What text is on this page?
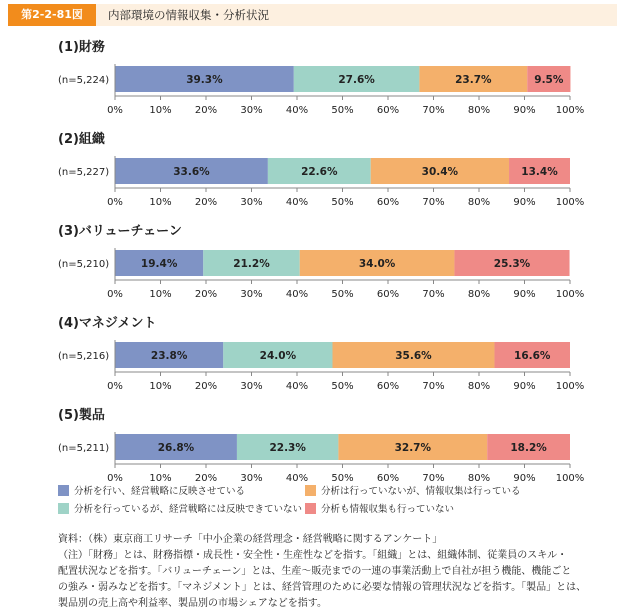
第2-2-81図	内部環境の情報収集・分析状況
(1)財務
(n=5,224)	39.3%	27.6%	23.7%	9.5%
0%	10% 20% 30% 40% 50% 60% 70% 80% 90% 100%
(2)組織
(n=5,227)	33.6%	22.6%	30.4%	13.4%
0%	10% 20% 30% 40% 50% 60% 70% 80% 90% 100%
(3)バリューチェーン
(n=5,210)	19.4%	21.2%	34.0%	25.3%
0%	10% 20% 30% 40% 50% 60% 70% 80% 90% 100%
(4)マネジメント
(n=5,216)	23.8%	24.0%	35.6%	16.6%
0%	10% 20% 30% 40% 50% 60% 70% 80% 90% 100%
(5)製品
(n=5,211)	26.8%	22.3%	32.7%	18.2%
0%	10% 20% 30% 40% 50% 60% 70% 80% 90% 100%
分析を行い、経営戦略に反映させている
分析を行っているが、経営戦略には反映できていない
分析は行っていないが、情報収集は行っている
分析も情報収集も行っていない

資料：（株）東京商工リサーチ「中小企業の経営理念・経営戦略に関するアンケート」

（注）「財務」とは、財務指標・成長性・安全性・生産性などを指す。「組織」とは、組織体制、従業員のスキル・

配置状況などを指す。「バリューチェーン」とは、生産〜販売までの一連の事業活動上で自社が担う機能、機能ごと

の強み・弱みなどを指す。「マネジメント」とは、経営管理のために必要な情報の管理状況などを指す。「製品」とは、

製品別の売上高や利益率、製品別の市場シェアなどを指す。
